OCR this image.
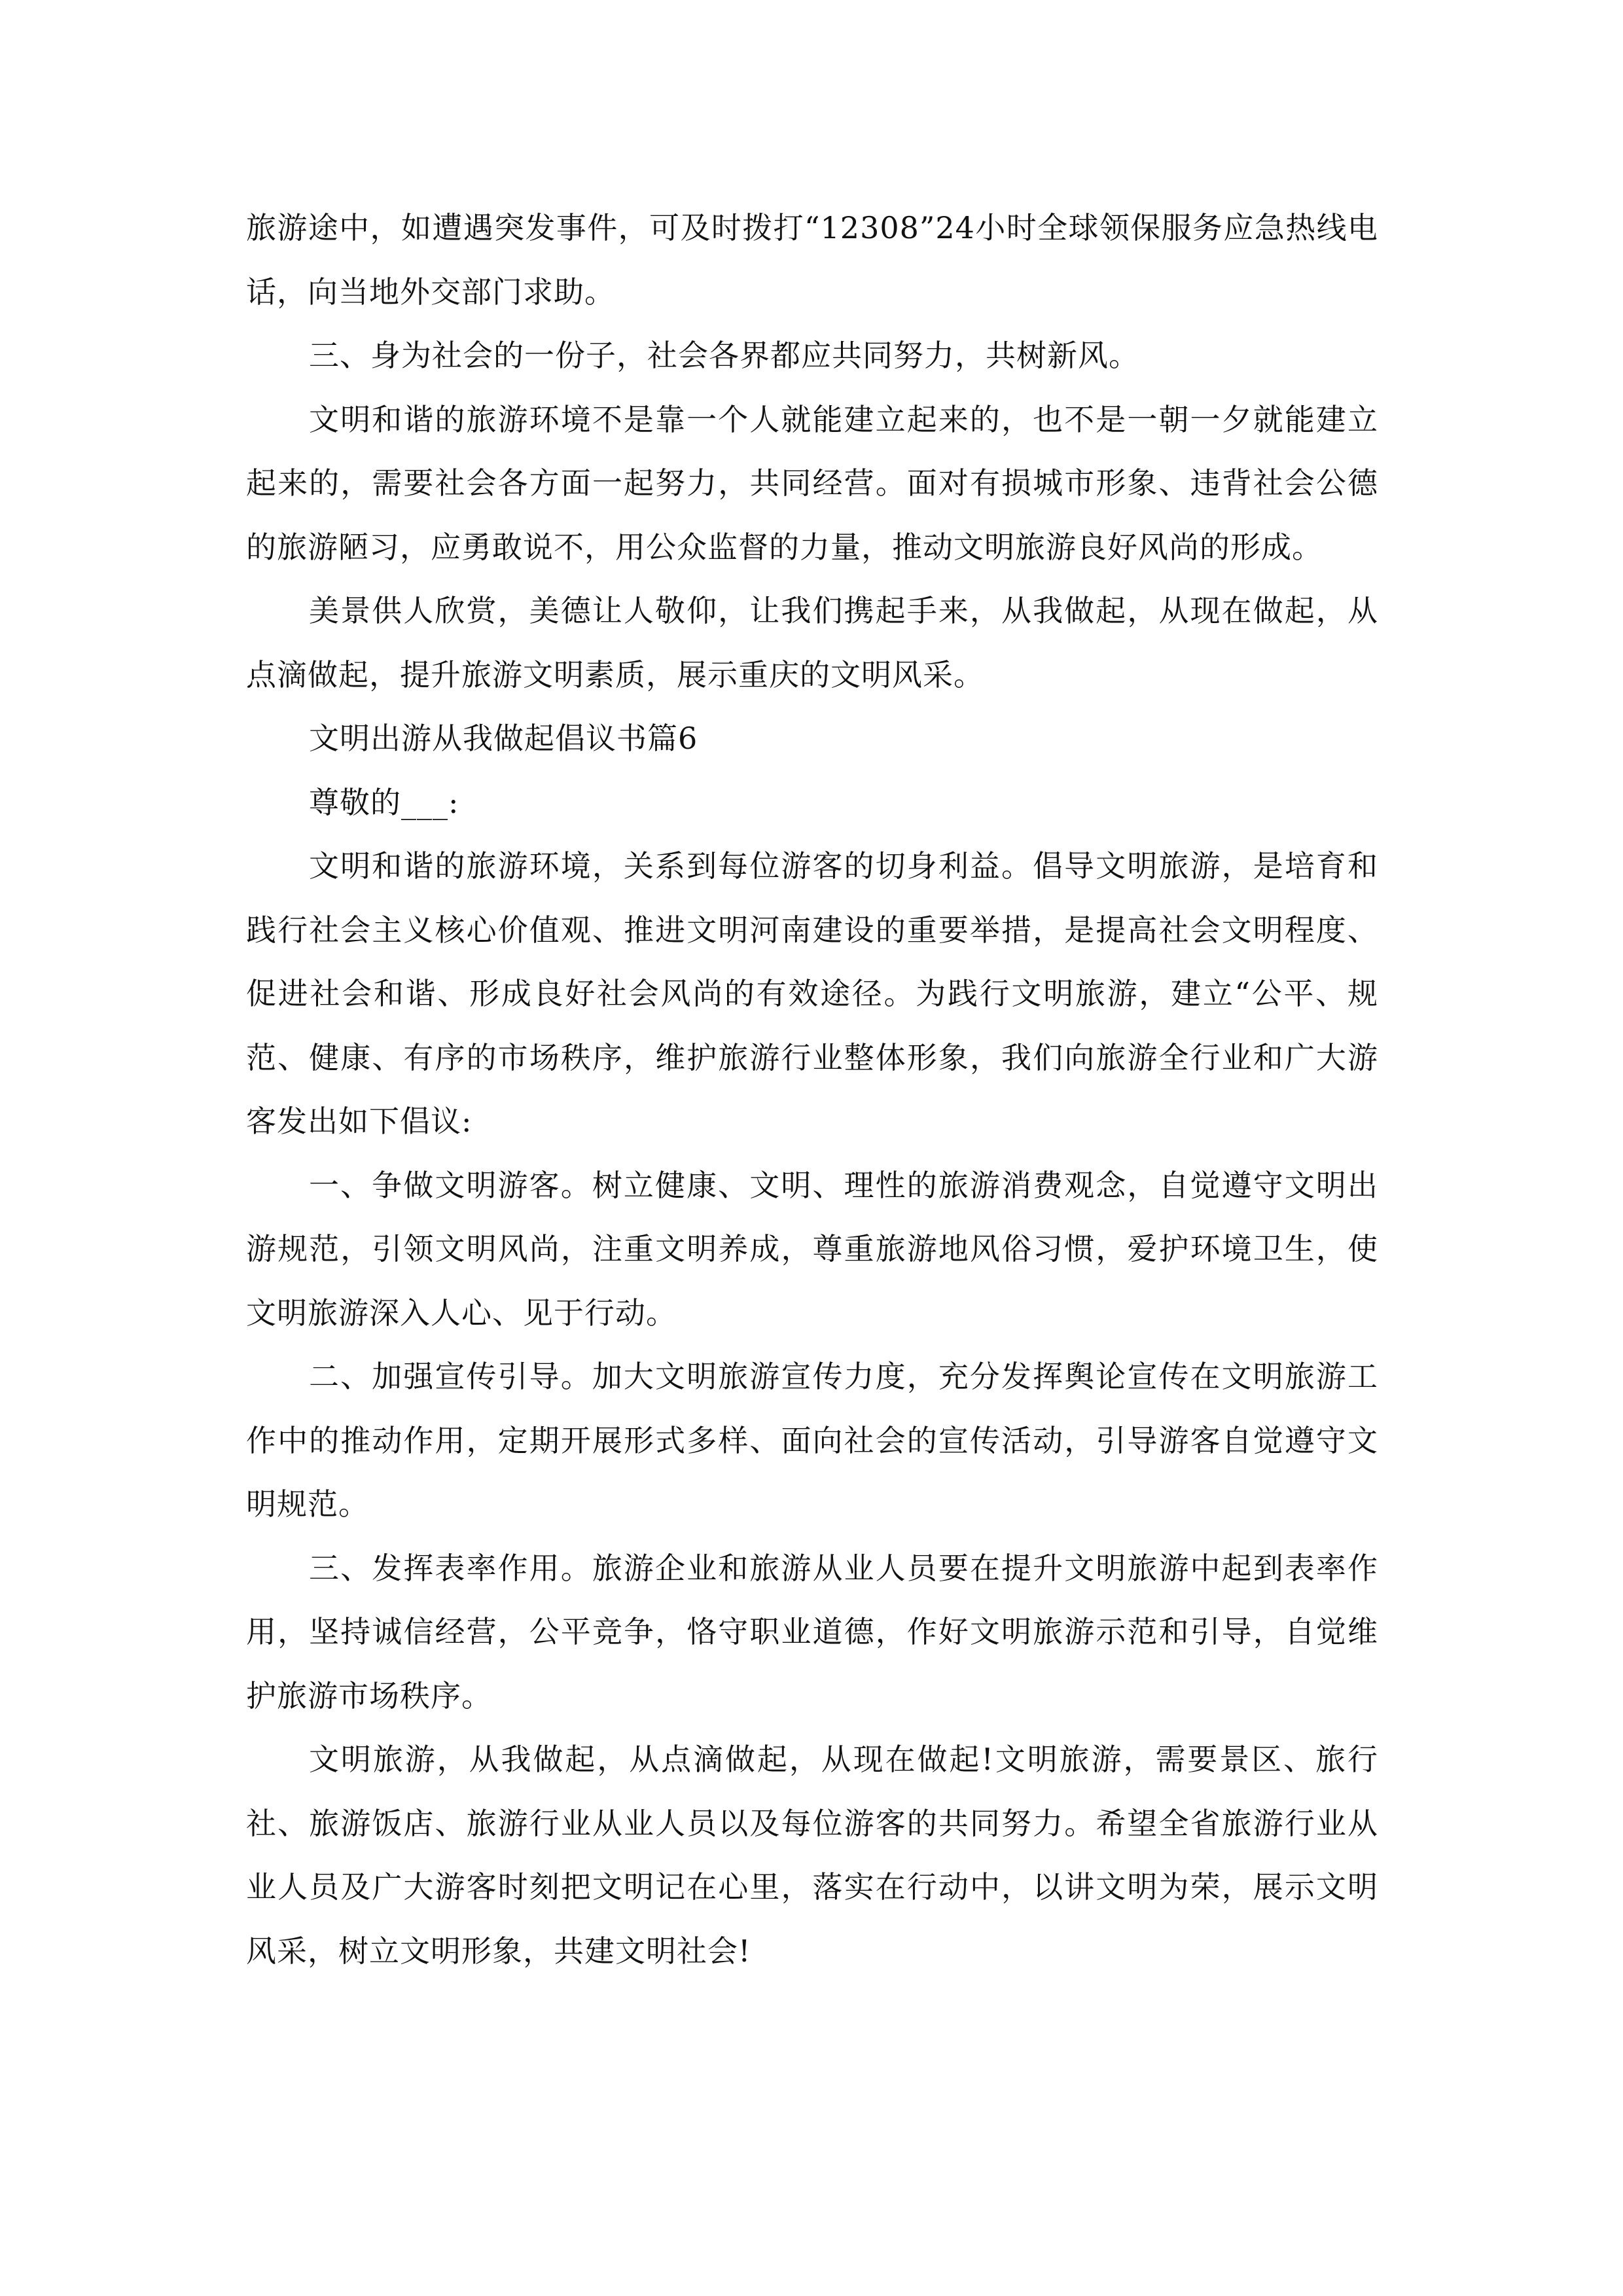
旅游途中，如遭遇突发事件，可及时拨打“12308”24小时全球领保服务应急热线电话，向当地外交部门求助。

三、身为社会的一份子，社会各界都应共同努力，共树新风。

文明和谐的旅游环境不是靠一个人就能建立起来的，也不是一朝一夕就能建立起来的，需要社会各方面一起努力，共同经营。面对有损城市形象、违背社会公德的旅游陋习，应勇敢说不，用公众监督的力量，推动文明旅游良好风尚的形成。

美景供人欣赏，美德让人敬仰，让我们携起手来，从我做起，从现在做起，从点滴做起，提升旅游文明素质，展示重庆的文明风采。

文明出游从我做起倡议书篇6

尊敬的___:

文明和谐的旅游环境，关系到每位游客的切身利益。倡导文明旅游，是培育和践行社会主义核心价值观、推进文明河南建设的重要举措，是提高社会文明程度、促进社会和谐、形成良好社会风尚的有效途径。为践行文明旅游，建立“公平、规范、健康、有序的市场秩序，维护旅游行业整体形象，我们向旅游全行业和广大游客发出如下倡议:

一、争做文明游客。树立健康、文明、理性的旅游消费观念，自觉遵守文明出游规范，引领文明风尚，注重文明养成，尊重旅游地风俗习惯，爱护环境卫生，使文明旅游深入人心、见于行动。

二、加强宣传引导。加大文明旅游宣传力度，充分发挥舆论宣传在文明旅游工作中的推动作用，定期开展形式多样、面向社会的宣传活动，引导游客自觉遵守文明规范。

三、发挥表率作用。旅游企业和旅游从业人员要在提升文明旅游中起到表率作用，坚持诚信经营，公平竞争，恪守职业道德，作好文明旅游示范和引导，自觉维护旅游市场秩序。

文明旅游，从我做起，从点滴做起，从现在做起!文明旅游，需要景区、旅行社、旅游饭店、旅游行业从业人员以及每位游客的共同努力。希望全省旅游行业从业人员及广大游客时刻把文明记在心里，落实在行动中，以讲文明为荣，展示文明风采，树立文明形象，共建文明社会!
